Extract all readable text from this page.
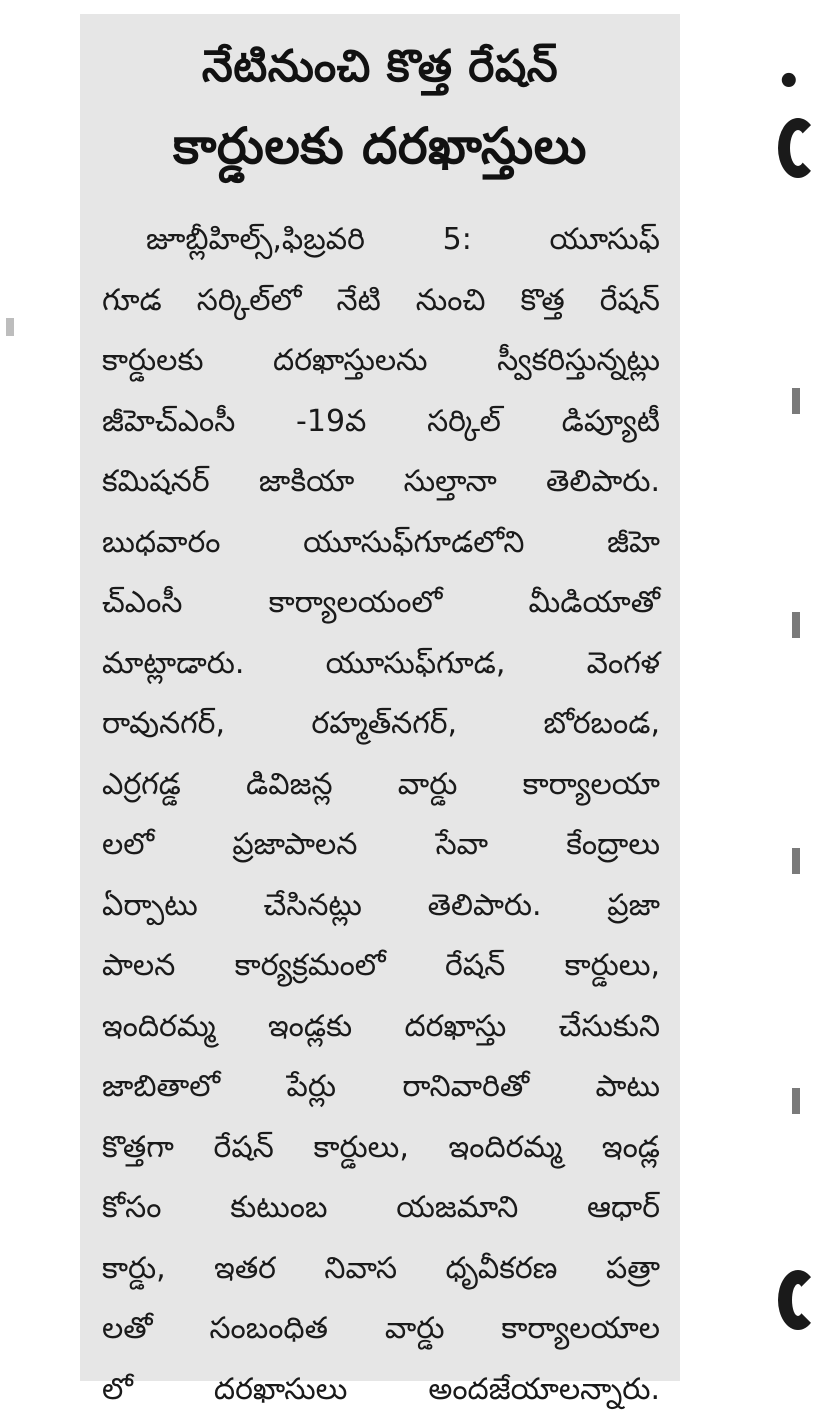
నేటినుంచి కొత్త రేషన్
కార్డులకు దరఖాస్తులు
జూబ్లీహిల్స్,ఫిబ్రవరి 5: యూసుఫ్
గూడ సర్కిల్‌లో నేటి నుంచి కొత్త రేషన్
కార్డులకు దరఖాస్తులను స్వీకరిస్తున్నట్లు
జీహెచ్ఎంసీ -19వ సర్కిల్ డిప్యూటీ
కమిషనర్ జాకియా సుల్తానా తెలిపారు.
బుధవారం యూసుఫ్‌గూడలోని జీహె
చ్ఎంసీ కార్యాలయంలో మీడియాతో
మాట్లాడారు. యూసుఫ్‌గూడ, వెంగళ
రావునగర్, రహ్మత్‌నగర్, బోరబండ,
ఎర్రగడ్డ డివిజన్ల వార్డు కార్యాలయా
లలో ప్రజాపాలన సేవా కేంద్రాలు
ఏర్పాటు చేసినట్లు తెలిపారు. ప్రజా
పాలన కార్యక్రమంలో రేషన్ కార్డులు,
ఇందిరమ్మ ఇండ్లకు దరఖాస్తు చేసుకుని
జాబితాలో పేర్లు రానివారితో పాటు
కొత్తగా రేషన్ కార్డులు, ఇందిరమ్మ ఇండ్ల
కోసం కుటుంబ యజమాని ఆధార్
కార్డు, ఇతర నివాస ధృవీకరణ పత్రా
లతో సంబంధిత వార్డు కార్యాలయాల
లో దరఖాసులు అందజేయాలన్నారు.
•
